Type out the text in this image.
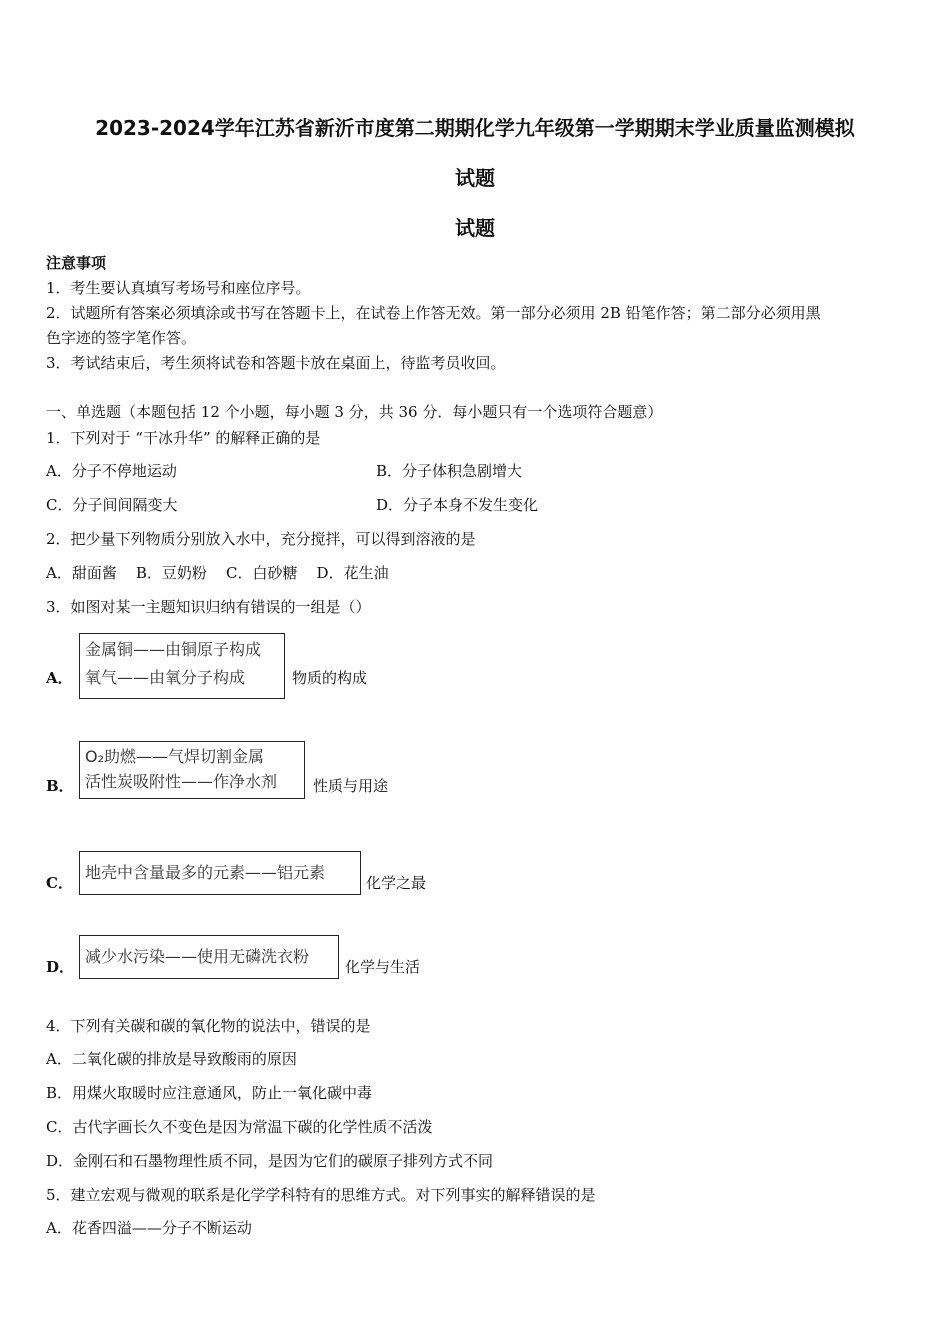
2023-2024学年江苏省新沂市度第二期期化学九年级第一学期期末学业质量监测模拟
试题
试题
注意事项
1．考生要认真填写考场号和座位序号。
2．试题所有答案必须填涂或书写在答题卡上，在试卷上作答无效。第一部分必须用 2B 铅笔作答；第二部分必须用黑
色字迹的签字笔作答。
3．考试结束后，考生须将试卷和答题卡放在桌面上，待监考员收回。
一、单选题（本题包括 12 个小题，每小题 3 分，共 36 分．每小题只有一个选项符合题意）
1．下列对于 “干冰升华” 的解释正确的是
A．分子不停地运动	B．分子体积急剧增大
C．分子间间隔变大	D．分子本身不发生变化
2．把少量下列物质分别放入水中，充分搅拌，可以得到溶液的是
A．甜面酱    B．豆奶粉    C．白砂糖    D．花生油
3．如图对某一主题知识归纳有错误的一组是（）
A．
金属铜——由铜原子构成
氧气——由氧分子构成	物质的构成
B．
O₂助燃——气焊切割金属
活性炭吸附性——作净水剂	性质与用途
C．
地壳中含量最多的元素——铝元素
化学之最
D．
减少水污染——使用无磷洗衣粉
化学与生活
4．下列有关碳和碳的氧化物的说法中，错误的是
A．二氧化碳的排放是导致酸雨的原因
B．用煤火取暖时应注意通风，防止一氧化碳中毒
C．古代字画长久不变色是因为常温下碳的化学性质不活泼
D．金刚石和石墨物理性质不同，是因为它们的碳原子排列方式不同
5．建立宏观与微观的联系是化学学科特有的思维方式。对下列事实的解释错误的是
A．花香四溢——分子不断运动
